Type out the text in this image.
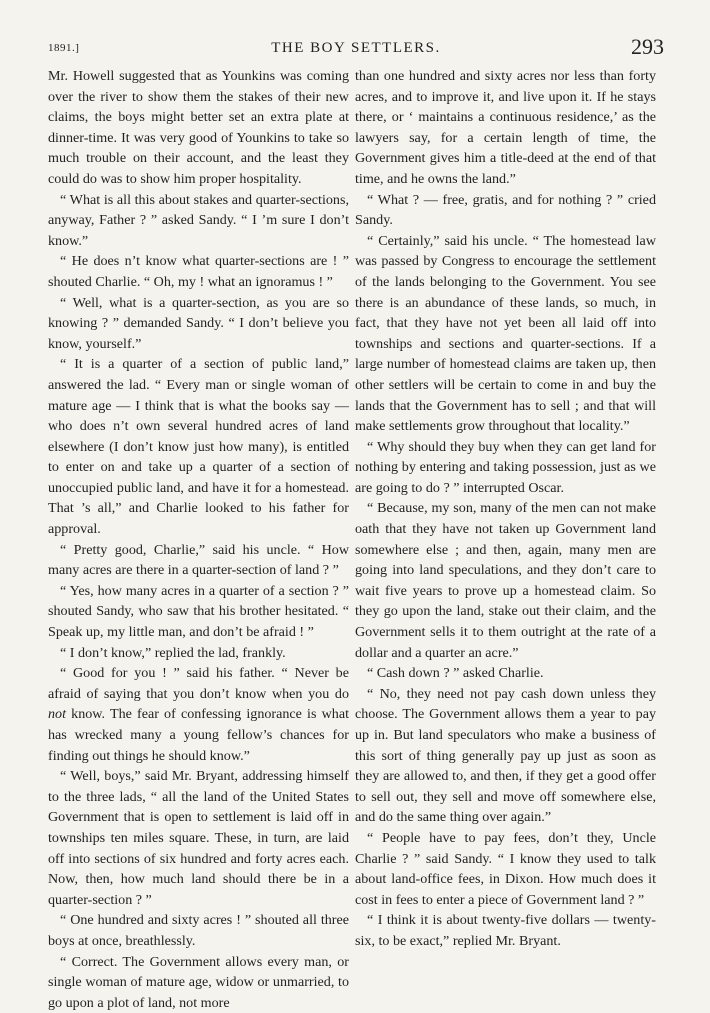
1891.]	THE BOY SETTLERS.	293

Mr. Howell suggested that as Younkins was coming over the river to show them the stakes of their new claims, the boys might better set an extra plate at dinner-time. It was very good of Younkins to take so much trouble on their account, and the least they could do was to show him proper hospitality.

“ What is all this about stakes and quarter-sections, anyway, Father ? ” asked Sandy. “ I ’m sure I don’t know.”

“ He does n’t know what quarter-sections are ! ” shouted Charlie. “ Oh, my ! what an ignoramus ! ”

“ Well, what is a quarter-section, as you are so knowing ? ” demanded Sandy. “ I don’t believe you know, yourself.”

“ It is a quarter of a section of public land,” answered the lad. “ Every man or single woman of mature age — I think that is what the books say — who does n’t own several hundred acres of land elsewhere (I don’t know just how many), is entitled to enter on and take up a quarter of a section of unoccupied public land, and have it for a homestead. That ’s all,” and Charlie looked to his father for approval.

“ Pretty good, Charlie,” said his uncle. “ How many acres are there in a quarter-section of land ? ”

“ Yes, how many acres in a quarter of a section ? ” shouted Sandy, who saw that his brother hesitated. “ Speak up, my little man, and don’t be afraid ! ”

“ I don’t know,” replied the lad, frankly.

“ Good for you ! ” said his father. “ Never be afraid of saying that you don’t know when you do not know. The fear of confessing ignorance is what has wrecked many a young fellow’s chances for finding out things he should know.”

“ Well, boys,” said Mr. Bryant, addressing himself to the three lads, “ all the land of the United States Government that is open to settlement is laid off in townships ten miles square. These, in turn, are laid off into sections of six hundred and forty acres each. Now, then, how much land should there be in a quarter-section ? ”

“ One hundred and sixty acres ! ” shouted all three boys at once, breathlessly.

“ Correct. The Government allows every man, or single woman of mature age, widow or unmarried, to go upon a plot of land, not more

than one hundred and sixty acres nor less than forty acres, and to improve it, and live upon it. If he stays there, or ‘ maintains a continuous residence,’ as the lawyers say, for a certain length of time, the Government gives him a title-deed at the end of that time, and he owns the land.”

“ What ? — free, gratis, and for nothing ? ” cried Sandy.

“ Certainly,” said his uncle. “ The homestead law was passed by Congress to encourage the settlement of the lands belonging to the Government. You see there is an abundance of these lands, so much, in fact, that they have not yet been all laid off into townships and sections and quarter-sections. If a large number of homestead claims are taken up, then other settlers will be certain to come in and buy the lands that the Government has to sell ; and that will make settlements grow throughout that locality.”

“ Why should they buy when they can get land for nothing by entering and taking possession, just as we are going to do ? ” interrupted Oscar.

“ Because, my son, many of the men can not make oath that they have not taken up Government land somewhere else ; and then, again, many men are going into land speculations, and they don’t care to wait five years to prove up a homestead claim. So they go upon the land, stake out their claim, and the Government sells it to them outright at the rate of a dollar and a quarter an acre.”

“ Cash down ? ” asked Charlie.

“ No, they need not pay cash down unless they choose. The Government allows them a year to pay up in. But land speculators who make a business of this sort of thing generally pay up just as soon as they are allowed to, and then, if they get a good offer to sell out, they sell and move off somewhere else, and do the same thing over again.”

“ People have to pay fees, don’t they, Uncle Charlie ? ” said Sandy. “ I know they used to talk about land-office fees, in Dixon. How much does it cost in fees to enter a piece of Government land ? ”

“ I think it is about twenty-five dollars — twenty-six, to be exact,” replied Mr. Bryant.
